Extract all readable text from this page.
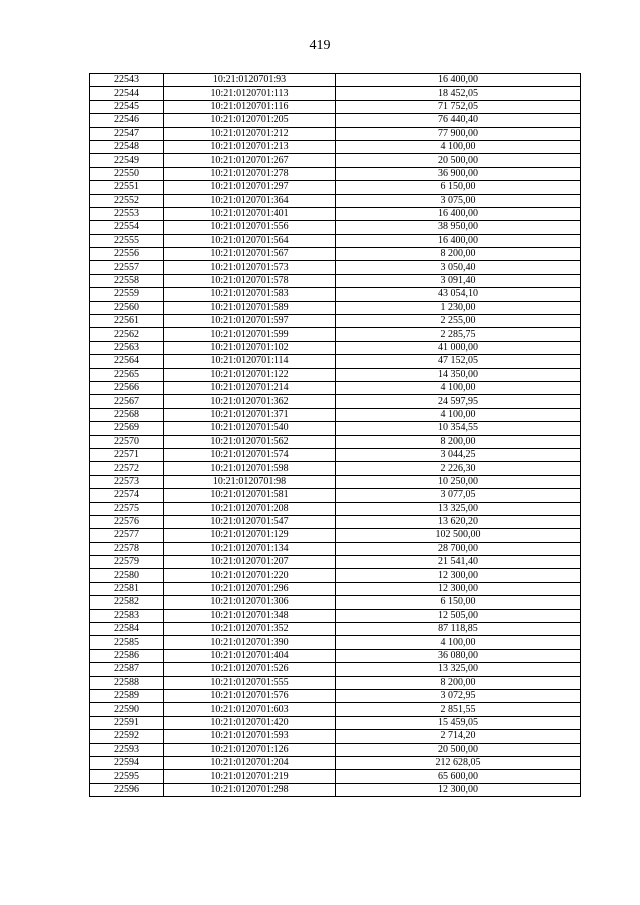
419
22543	10:21:0120701:93	16 400,00
22544	10:21:0120701:113	18 452,05
22545	10:21:0120701:116	71 752,05
22546	10:21:0120701:205	76 440,40
22547	10:21:0120701:212	77 900,00
22548	10:21:0120701:213	4 100,00
22549	10:21:0120701:267	20 500,00
22550	10:21:0120701:278	36 900,00
22551	10:21:0120701:297	6 150,00
22552	10:21:0120701:364	3 075,00
22553	10:21:0120701:401	16 400,00
22554	10:21:0120701:556	38 950,00
22555	10:21:0120701:564	16 400,00
22556	10:21:0120701:567	8 200,00
22557	10:21:0120701:573	3 050,40
22558	10:21:0120701:578	3 091,40
22559	10:21:0120701:583	43 054,10
22560	10:21:0120701:589	1 230,00
22561	10:21:0120701:597	2 255,00
22562	10:21:0120701:599	2 285,75
22563	10:21:0120701:102	41 000,00
22564	10:21:0120701:114	47 152,05
22565	10:21:0120701:122	14 350,00
22566	10:21:0120701:214	4 100,00
22567	10:21:0120701:362	24 597,95
22568	10:21:0120701:371	4 100,00
22569	10:21:0120701:540	10 354,55
22570	10:21:0120701:562	8 200,00
22571	10:21:0120701:574	3 044,25
22572	10:21:0120701:598	2 226,30
22573	10:21:0120701:98	10 250,00
22574	10:21:0120701:581	3 077,05
22575	10:21:0120701:208	13 325,00
22576	10:21:0120701:547	13 620,20
22577	10:21:0120701:129	102 500,00
22578	10:21:0120701:134	28 700,00
22579	10:21:0120701:207	21 541,40
22580	10:21:0120701:220	12 300,00
22581	10:21:0120701:296	12 300,00
22582	10:21:0120701:306	6 150,00
22583	10:21:0120701:348	12 505,00
22584	10:21:0120701:352	87 118,85
22585	10:21:0120701:390	4 100,00
22586	10:21:0120701:404	36 080,00
22587	10:21:0120701:526	13 325,00
22588	10:21:0120701:555	8 200,00
22589	10:21:0120701:576	3 072,95
22590	10:21:0120701:603	2 851,55
22591	10:21:0120701:420	15 459,05
22592	10:21:0120701:593	2 714,20
22593	10:21:0120701:126	20 500,00
22594	10:21:0120701:204	212 628,05
22595	10:21:0120701:219	65 600,00
22596	10:21:0120701:298	12 300,00
